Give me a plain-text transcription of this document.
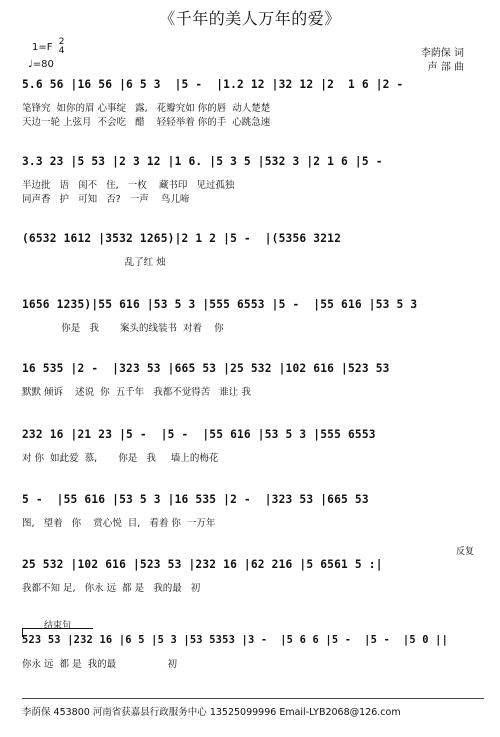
《千年的美人万年的爱》
1=F 2
4
♩=80
李荫保 词
声 部 曲
5.6 56 |16 56 |6 5 3  |5 -  |1.2 12 |32 12 |2  1 6 |2 -
笔锋究  如你的眉 心事绽   露,   花瓣究如 你的唇  动人楚楚
天边一轮 上弦月  不会吃   醋    轻轻举着 你的手  心跳急速
3.3 23 |5 53 |2 3 12 |1 6. |5 3 5 |532 3 |2 1 6 |5 -
半边批   语   闺不   住,   一枚    藏书印   见过孤独
同声香   护   可知   否?   一声    鸟儿啼
(6532 1612 |3532 1265)|2 1 2 |5 -  |(5356 3212
乱了红 烛
1656 1235)|55 616 |53 5 3 |555 6553 |5 -  |55 616 |53 5 3
你是   我       案头的线装书  对着    你
16 535 |2 -  |323 53 |665 53 |25 532 |102 616 |523 53
默默 倾诉    述说  你  五千年   我都不觉得苦   谁让 我
232 16 |21 23 |5 -  |5 -  |55 616 |53 5 3 |555 6553
对 你  如此爱  慕,       你是   我     墙上的梅花
5 -  |55 616 |53 5 3 |16 535 |2 -  |323 53 |665 53
图,   望着   你    赏心悦  目,   看着 你  一万年
反复
25 532 |102 616 |523 53 |232 16 |62 216 |5 6561 5 :|
我都不知 足,   你永 远  都 是   我的最   初
结束句
523 53 |232 16 |6 5 |5 3 |53 5353 |3 -  |5 6 6 |5 -  |5 -  |5 0 ||
你永 远  都 是  我的最                 初
李荫保 453800 河南省获嘉县行政服务中心 13525099996 Email-LYB2068@126.com
